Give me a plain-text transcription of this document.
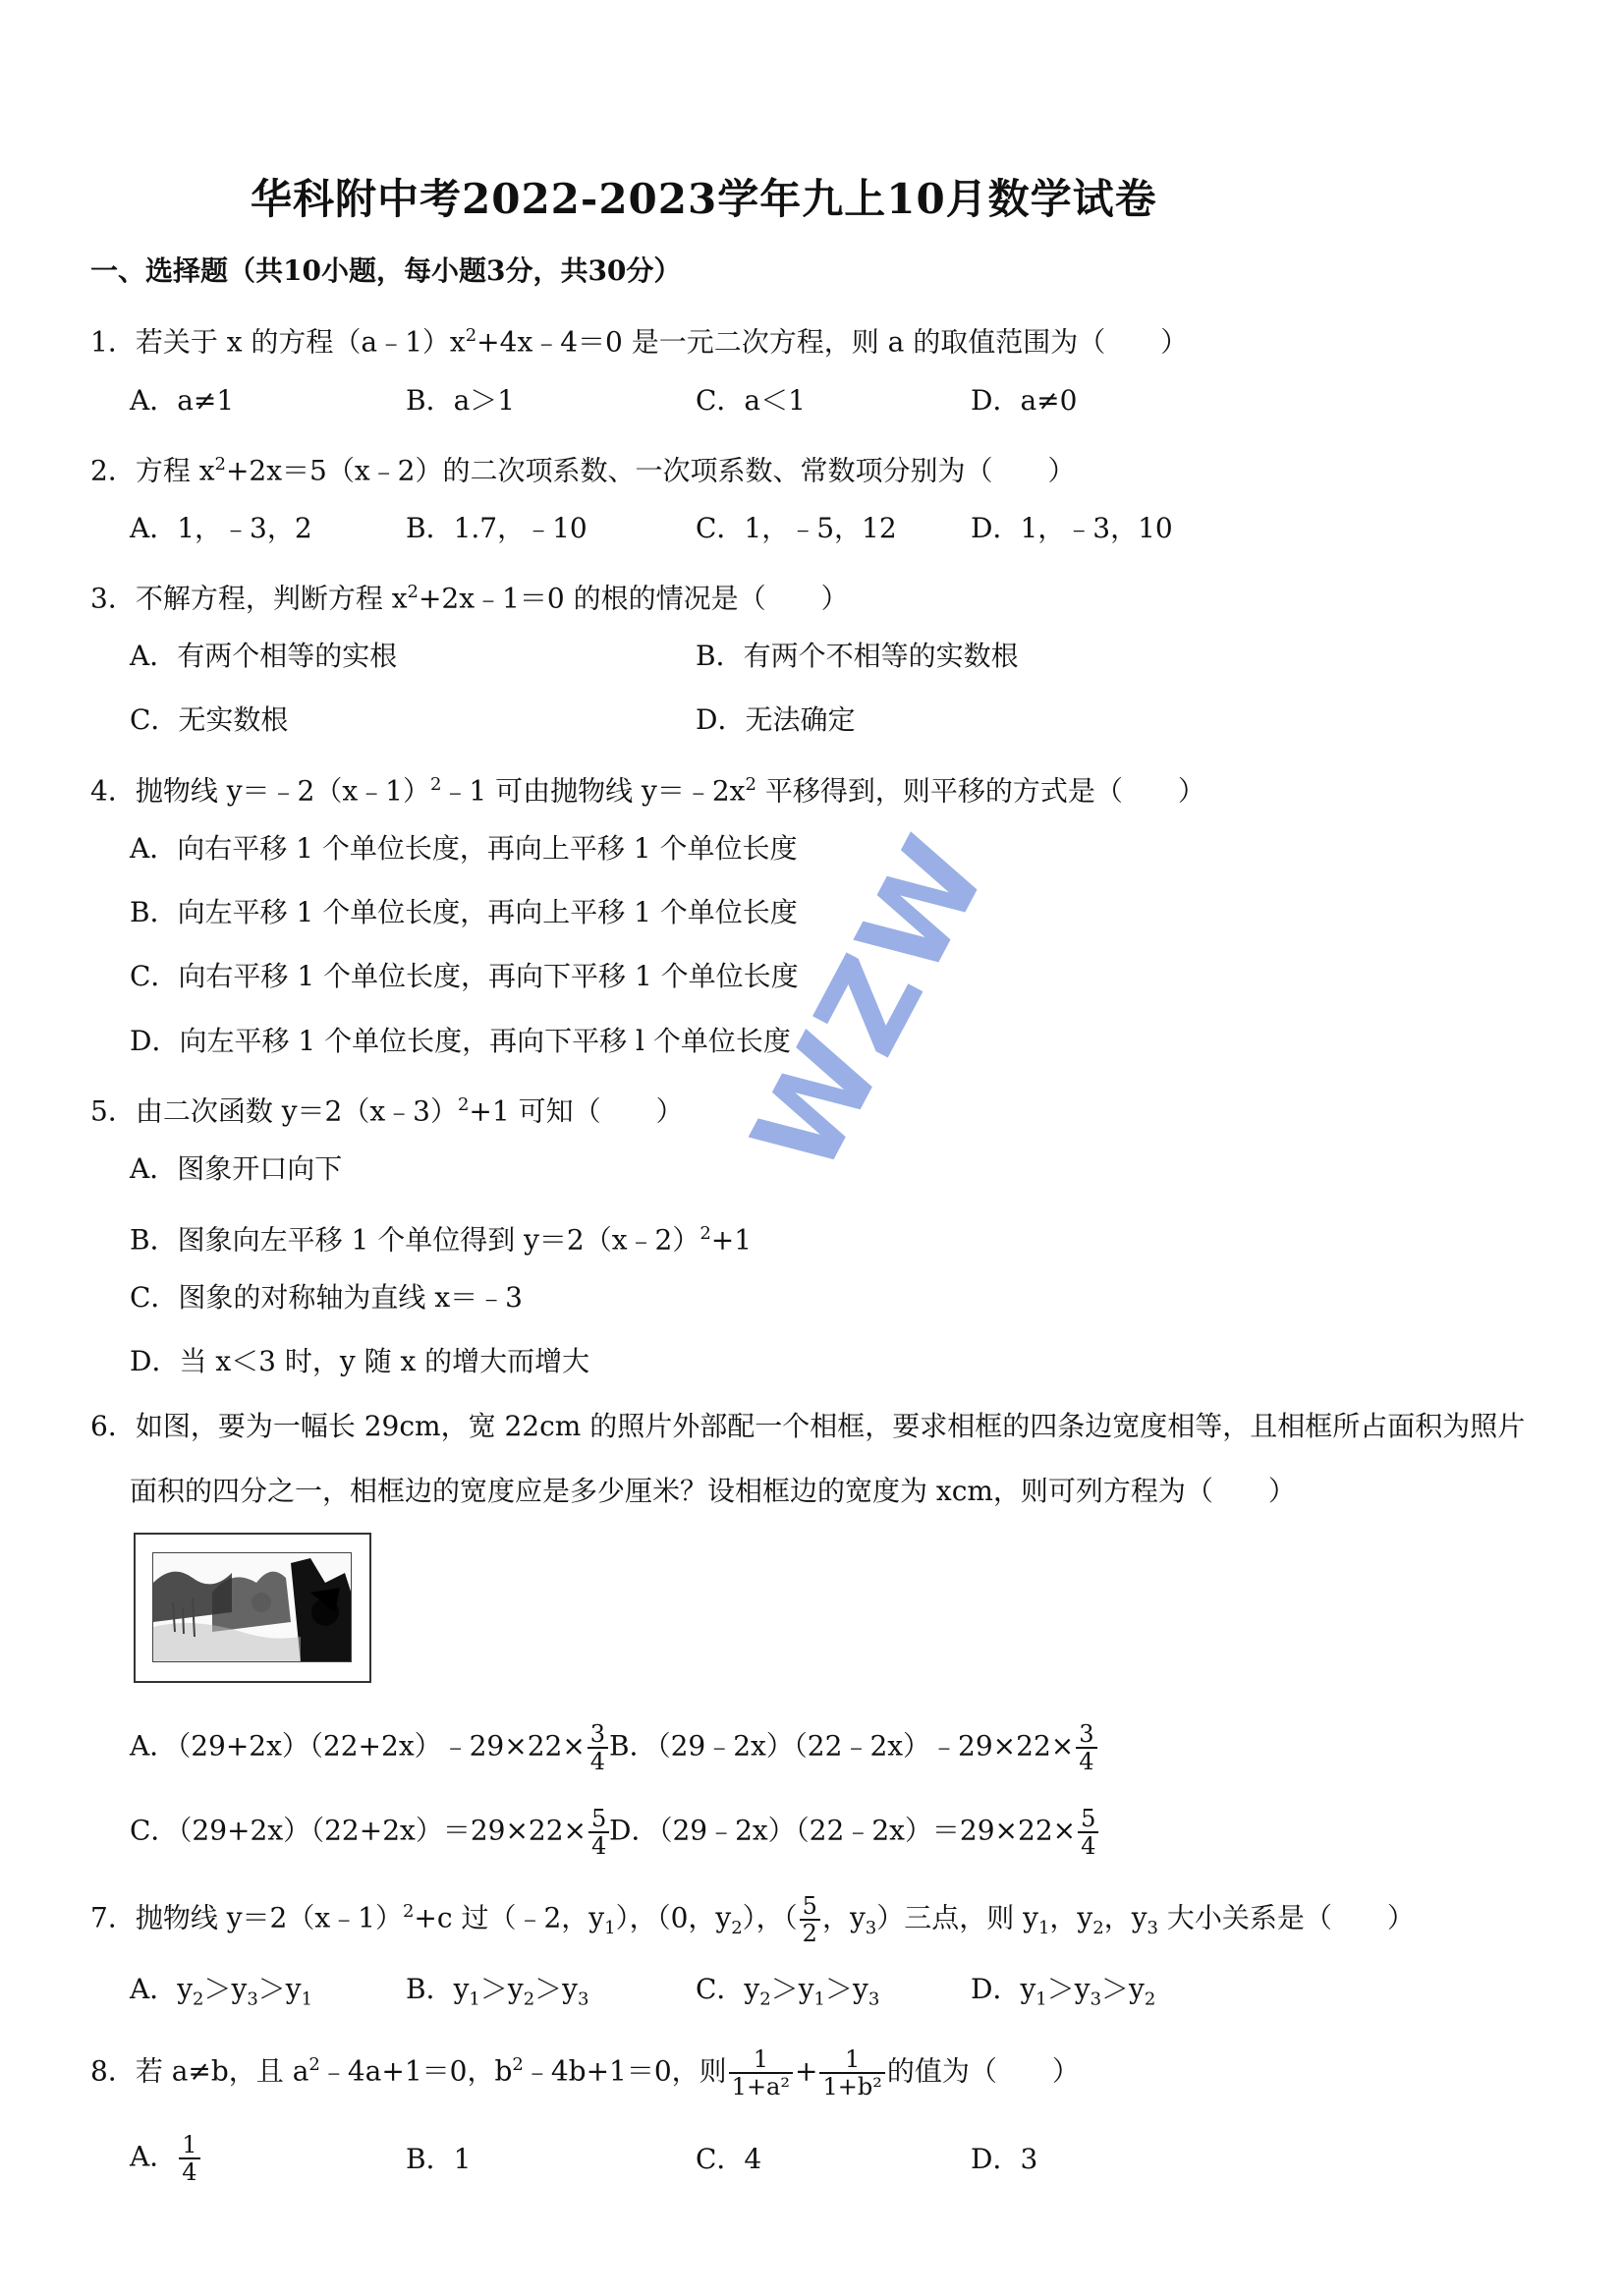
华科附中考2022-2023学年九上10月数学试卷
一、选择题（共10小题，每小题3分，共30分）
1．若关于 x 的方程$(a﹣1)x^2+4x﹣4=0$ 是一元二次方程，则 a 的取值范围为（　　）
A．a≠1	B．a＞1	C．a＜1	D．a≠0
2．方程 $x^2+2x=5(x﹣2)$的二次项系数、一次项系数、常数项分别为（　　）
A．1，﹣3，2	B．1.7，﹣10	C．1，﹣5，12	D．1，﹣3，10
3．不解方程，判断方程 $x^2+2x﹣1=0$ 的根的情况是（　　）
A．有两个相等的实根	B．有两个不相等的实数根
C．无实数根	D．无法确定
4．抛物线 y＝﹣2（x﹣1）$^2$﹣1 可由抛物线 $y=﹣2x^2$ 平移得到，则平移的方式是（　　）
A．向右平移 1 个单位长度，再向上平移 1 个单位长度
B．向左平移 1 个单位长度，再向上平移 1 个单位长度
C．向右平移 1 个单位长度，再向下平移 1 个单位长度
D．向左平移 1 个单位长度，再向下平移 l 个单位长度
5．由二次函数 y＝2（x﹣3）$^2$+1 可知（　　）
A．图象开口向下
B．图象向左平移 1 个单位得到 y＝2（x﹣2）$^2$+1
C．图象的对称轴为直线 x＝﹣3
D．当 x＜3 时，y 随 x 的增大而增大
WZW
6．如图，要为一幅长 29cm，宽 22cm 的照片外部配一个相框，要求相框的四条边宽度相等，且相框所占面积为照片
面积的四分之一，相框边的宽度应是多少厘米？设相框边的宽度为 xcm，则可列方程为（　　）
A．（29+2x）（22+2x）﹣29×22× $\frac{3}{4}$ B．（29﹣2x）（22﹣2x）﹣29×22× $\frac{3}{4}$
C．$(29+2x)(22+2x)=29\times 22\times \frac{5}{4}$ D．（29﹣2x）（22﹣2x）＝29×22× $\frac{5}{4}$
7．抛物线 y＝2（x﹣1）$^2$+c 过（﹣2，$y_1$），（0，$y_2$），（ $\frac{5}{2}$ ，$y_3$）三点，则 $y_1$，$y_2$，$y_3$ 大小关系是（　　）
A．$y_2>y_3>y_1$	B．$y_1>y_2>y_3$	C．$y_2>y_1>y_3$	D．$y_1>y_3>y_2$
8．若 a≠b，且 $a^2﹣4a+1=0$，$b^2﹣4b+1=0$，则 $\frac{1}{\text{1+a²}} + \frac{1}{\text{1+b²}}$ 的值为（　　）
A． $\frac{1}{4}$	B．1	C．4	D．3
